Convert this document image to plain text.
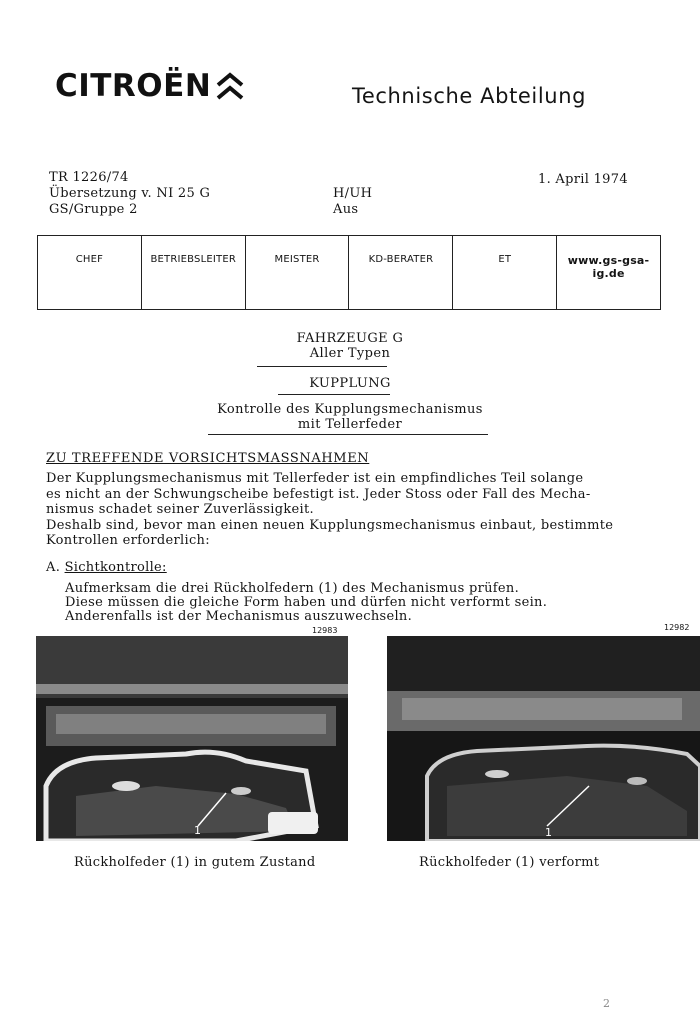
CITROËN	Technische Abteilung
TR 1226/74
Übersetzung v. NI 25 G
GS/Gruppe 2
H/UH
Aus
1. April 1974
CHEF	BETRIEBSLEITER	MEISTER	KD-BERATER	ET	www.gs-gsa-ig.de
FAHRZEUGE G
Aller Typen
KUPPLUNG
Kontrolle des Kupplungsmechanismus
mit Tellerfeder
ZU TREFFENDE VORSICHTSMASSNAHMEN
Der Kupplungsmechanismus mit Tellerfeder ist ein empfindliches Teil solange
es nicht an der Schwungscheibe befestigt ist. Jeder Stoss oder Fall des Mecha-
nismus schadet seiner Zuverlässigkeit.
Deshalb sind, bevor man einen neuen Kupplungsmechanismus einbaut, bestimmte
Kontrollen erforderlich:
A. Sichtkontrolle:
Aufmerksam die drei Rückholfedern (1) des Mechanismus prüfen.
Diese müssen die gleiche Form haben und dürfen nicht verformt sein.
Anderenfalls ist der Mechanismus auszuwechseln.
12983
1
Rückholfeder (1) in gutem Zustand
12982
1
Rückholfeder (1) verformt
2
